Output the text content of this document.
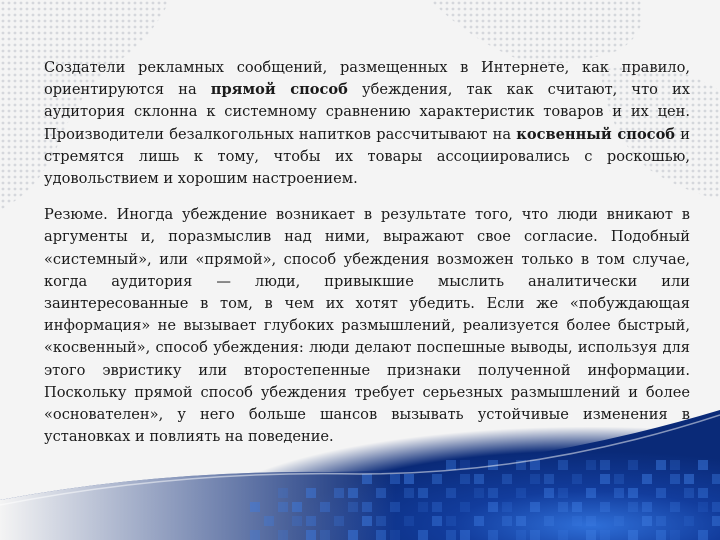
Создатели рекламных сообщений, размещенных в Интернете, как правило, ориентируются на прямой способ убеждения, так как считают, что их аудитория склонна к системному сравнению характеристик товаров и их цен. Производители безалкогольных напитков рассчитывают на косвенный способ и стремятся лишь к тому, чтобы их товары ассоциировались с роскошью, удовольствием и хорошим настроением.

Резюме. Иногда убеждение возникает в результате того, что люди вникают в аргументы и, поразмыслив над ними, выражают свое согласие. Подобный «системный», или «прямой», способ убеждения возможен только в том случае, когда аудитория — люди, привыкшие мыслить аналитически или заинтересованные в том, в чем их хотят убедить. Если же «побуждающая информация» не вызывает глубоких размышлений, реализуется более быстрый, «косвенный», способ убеждения: люди делают поспешные выводы, используя для этого эвристику или второстепенные признаки полученной информации. Поскольку прямой способ убеждения требует серьезных размышлений и более «основателен», у него больше шансов вызывать устойчивые изменения в установках и повлиять на поведение.
